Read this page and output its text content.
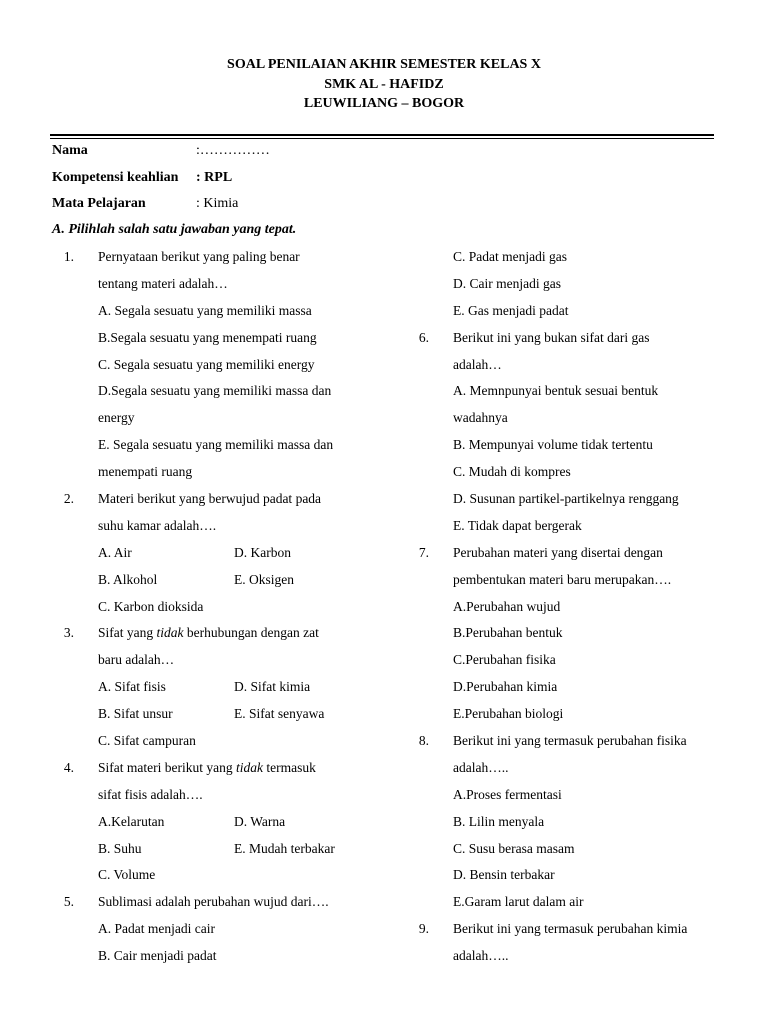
SOAL PENILAIAN AKHIR SEMESTER KELAS X
SMK AL - HAFIDZ
LEUWILIANG – BOGOR
Nama	:……………
Kompetensi keahlian : RPL
Mata Pelajaran	: Kimia
A. Pilihlah salah satu jawaban yang tepat.
1. Pernyataan berikut yang paling benar
tentang materi adalah…
A. Segala sesuatu yang memiliki massa
B.Segala sesuatu yang menempati ruang
C. Segala sesuatu yang memiliki energy
D.Segala sesuatu yang memiliki massa dan
energy
E. Segala sesuatu yang memiliki massa dan
menempati ruang
2. Materi berikut yang berwujud padat pada
suhu kamar adalah….
A. Air	D. Karbon
B. Alkohol	E. Oksigen
C. Karbon dioksida
3. Sifat yang tidak berhubungan dengan zat
baru adalah…
A. Sifat fisis	D. Sifat kimia
B. Sifat unsur	E. Sifat senyawa
C. Sifat campuran
4. Sifat materi berikut yang tidak termasuk
sifat fisis adalah….
A.Kelarutan	D. Warna
B. Suhu	E. Mudah terbakar
C. Volume
5. Sublimasi adalah perubahan wujud dari….
A. Padat menjadi cair
B. Cair menjadi padat
C. Padat menjadi gas
D. Cair menjadi gas
E. Gas menjadi padat
6. Berikut ini yang bukan sifat dari gas
adalah…
A. Memnpunyai bentuk sesuai bentuk
wadahnya
B. Mempunyai volume tidak tertentu
C. Mudah di kompres
D. Susunan partikel-partikelnya renggang
E. Tidak dapat bergerak
7. Perubahan materi yang disertai dengan
pembentukan materi baru merupakan….
A.Perubahan wujud
B.Perubahan bentuk
C.Perubahan fisika
D.Perubahan kimia
E.Perubahan biologi
8. Berikut ini yang termasuk perubahan fisika
adalah…..
A.Proses fermentasi
B. Lilin menyala
C. Susu berasa masam
D. Bensin terbakar
E.Garam larut dalam air
9. Berikut ini yang termasuk perubahan kimia
adalah…..
